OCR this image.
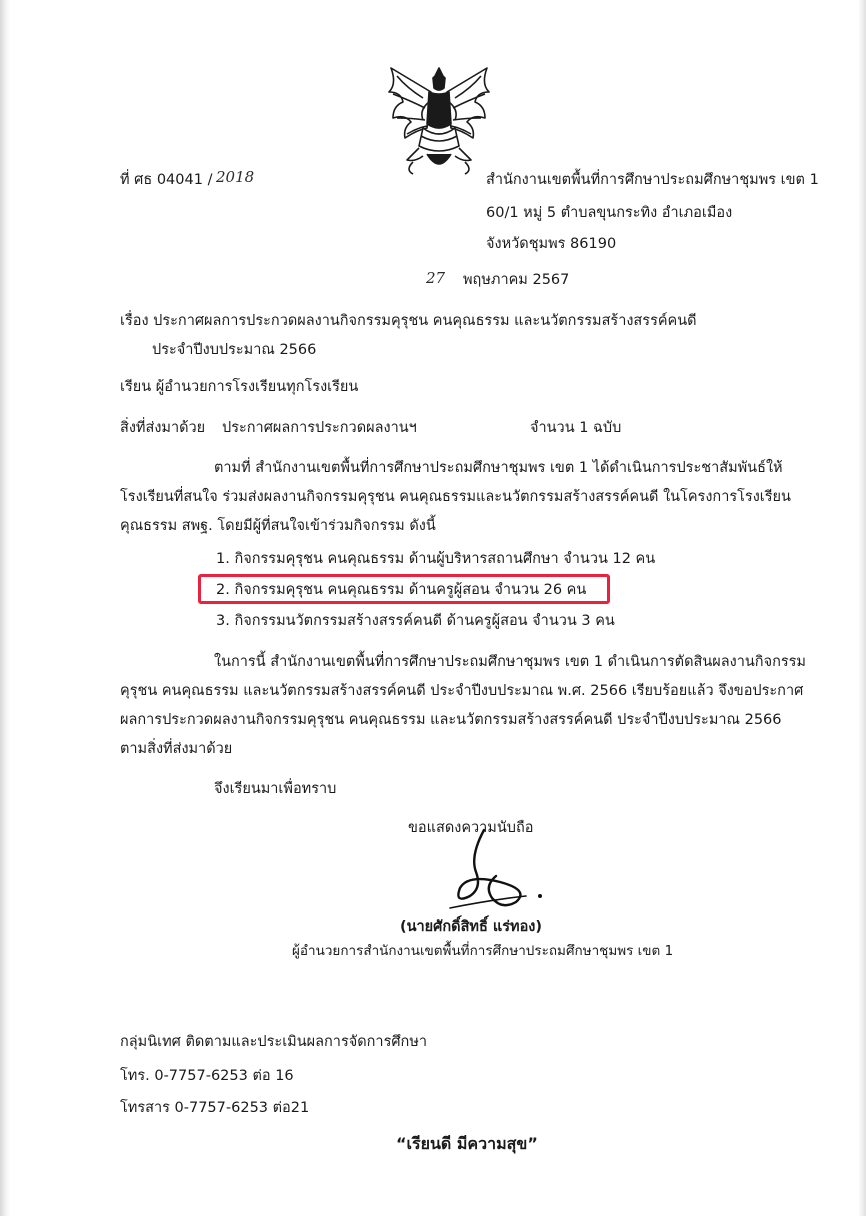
ที่ ศธ 04041 / 2018	สำนักงานเขตพื้นที่การศึกษาประถมศึกษาชุมพร เขต 1
60/1 หมู่ 5 ตำบลขุนกระทิง อำเภอเมือง
จังหวัดชุมพร 86190
27 พฤษภาคม 2567
เรื่อง ประกาศผลการประกวดผลงานกิจกรรมคุรุชน คนคุณธรรม และนวัตกรรมสร้างสรรค์คนดี
ประจำปีงบประมาณ 2566
เรียน ผู้อำนวยการโรงเรียนทุกโรงเรียน
สิ่งที่ส่งมาด้วย ประกาศผลการประกวดผลงานฯ	จำนวน 1 ฉบับ
ตามที่ สำนักงานเขตพื้นที่การศึกษาประถมศึกษาชุมพร เขต 1 ได้ดำเนินการประชาสัมพันธ์ให้
โรงเรียนที่สนใจ ร่วมส่งผลงานกิจกรรมคุรุชน คนคุณธรรมและนวัตกรรมสร้างสรรค์คนดี ในโครงการโรงเรียน
คุณธรรม สพฐ. โดยมีผู้ที่สนใจเข้าร่วมกิจกรรม ดังนี้
1. กิจกรรมคุรุชน คนคุณธรรม ด้านผู้บริหารสถานศึกษา จำนวน 12 คน
2. กิจกรรมคุรุชน คนคุณธรรม ด้านครูผู้สอน จำนวน 26 คน
3. กิจกรรมนวัตกรรมสร้างสรรค์คนดี ด้านครูผู้สอน จำนวน 3 คน
ในการนี้ สำนักงานเขตพื้นที่การศึกษาประถมศึกษาชุมพร เขต 1 ดำเนินการตัดสินผลงานกิจกรรม
คุรุชน คนคุณธรรม และนวัตกรรมสร้างสรรค์คนดี ประจำปีงบประมาณ พ.ศ. 2566 เรียบร้อยแล้ว จึงขอประกาศ
ผลการประกวดผลงานกิจกรรมคุรุชน คนคุณธรรม และนวัตกรรมสร้างสรรค์คนดี ประจำปีงบประมาณ 2566
ตามสิ่งที่ส่งมาด้วย
จึงเรียนมาเพื่อทราบ
ขอแสดงความนับถือ
(นายศักดิ์สิทธิ์ แร่ทอง)
ผู้อำนวยการสำนักงานเขตพื้นที่การศึกษาประถมศึกษาชุมพร เขต 1
กลุ่มนิเทศ ติดตามและประเมินผลการจัดการศึกษา
โทร. 0-7757-6253 ต่อ 16
โทรสาร 0-7757-6253 ต่อ21
“เรียนดี มีความสุข”
